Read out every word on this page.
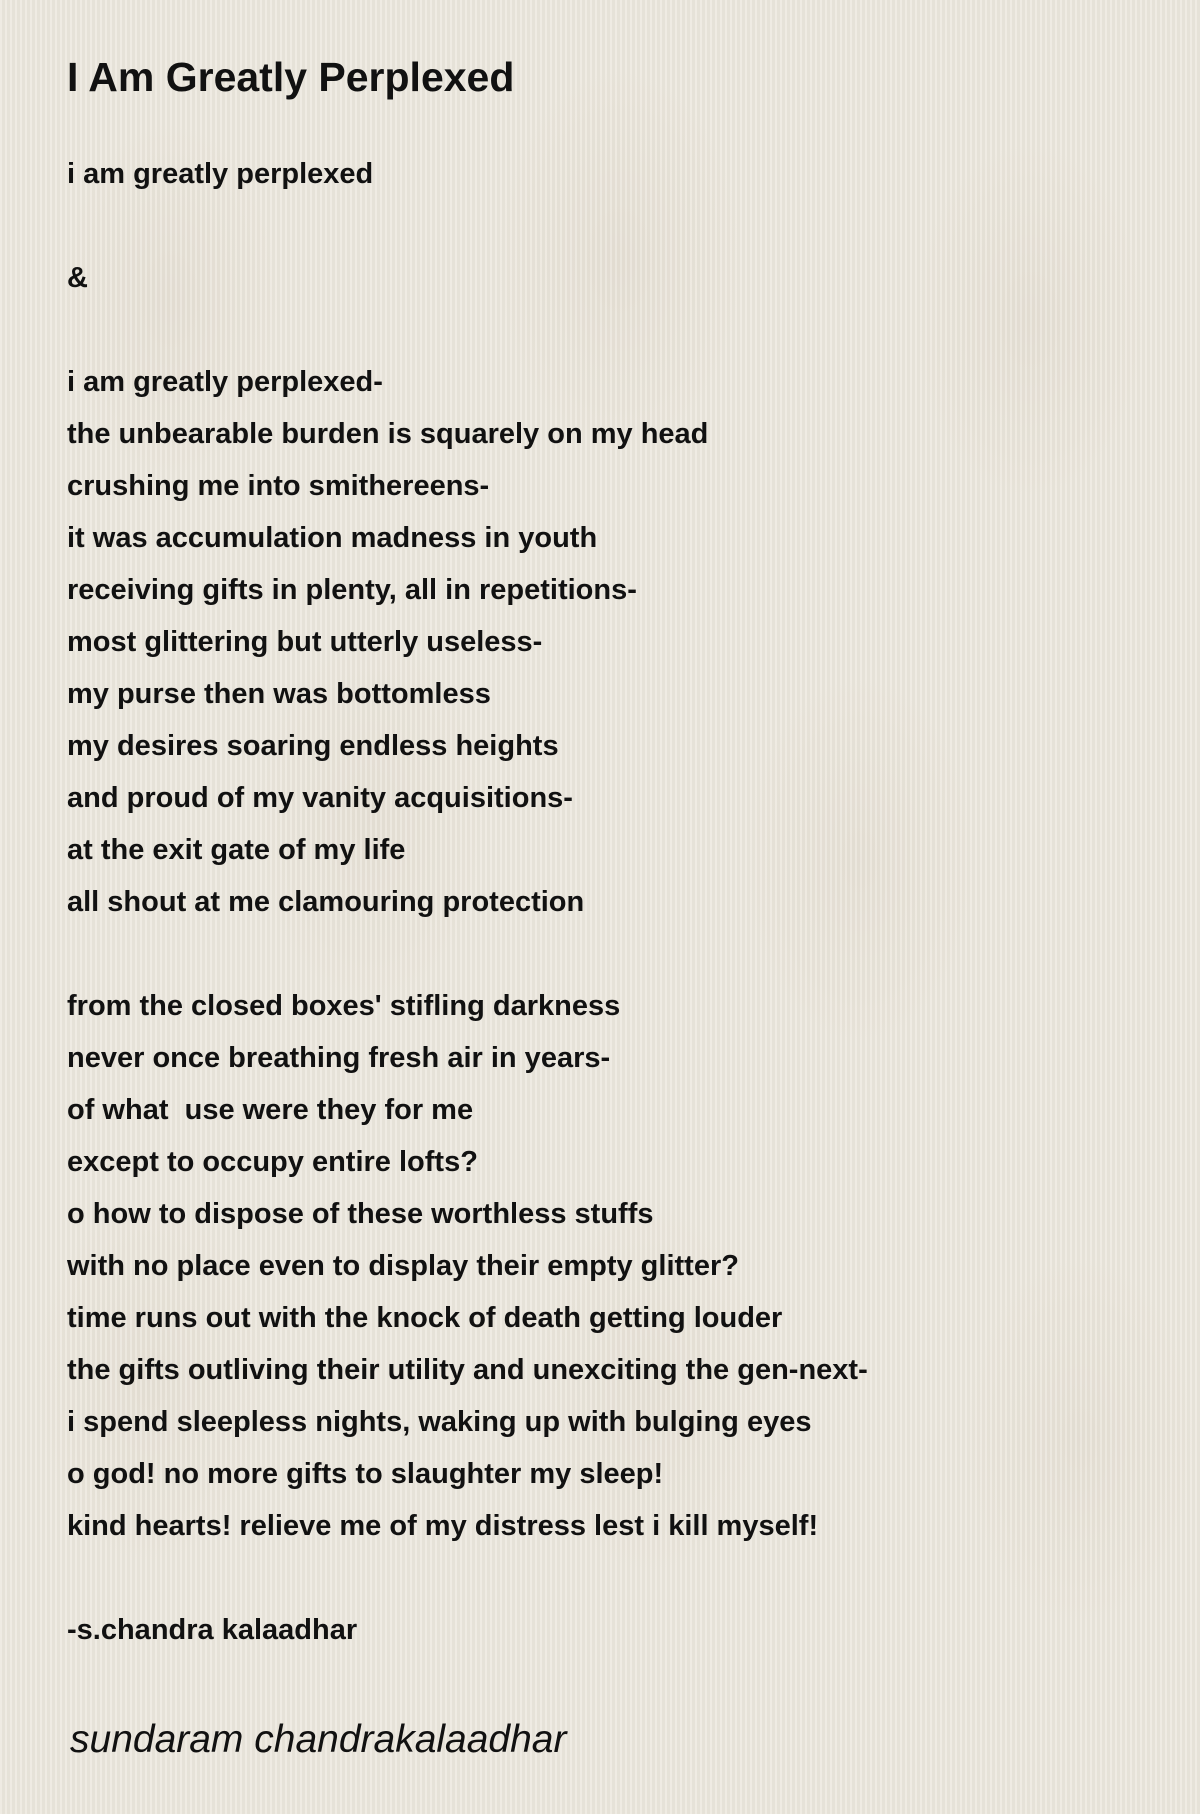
I Am Greatly Perplexed
i am greatly perplexed
&
i am greatly perplexed-
the unbearable burden is squarely on my head
crushing me into smithereens-
it was accumulation madness in youth
receiving gifts in plenty, all in repetitions-
most glittering but utterly useless-
my purse then was bottomless
my desires soaring endless heights
and proud of my vanity acquisitions-
at the exit gate of my life
all shout at me clamouring protection
from the closed boxes' stifling darkness
never once breathing fresh air in years-
of what  use were they for me
except to occupy entire lofts?
o how to dispose of these worthless stuffs
with no place even to display their empty glitter?
time runs out with the knock of death getting louder
the gifts outliving their utility and unexciting the gen-next-
i spend sleepless nights, waking up with bulging eyes
o god! no more gifts to slaughter my sleep!
kind hearts! relieve me of my distress lest i kill myself!
-s.chandra kalaadhar
sundaram chandrakalaadhar
